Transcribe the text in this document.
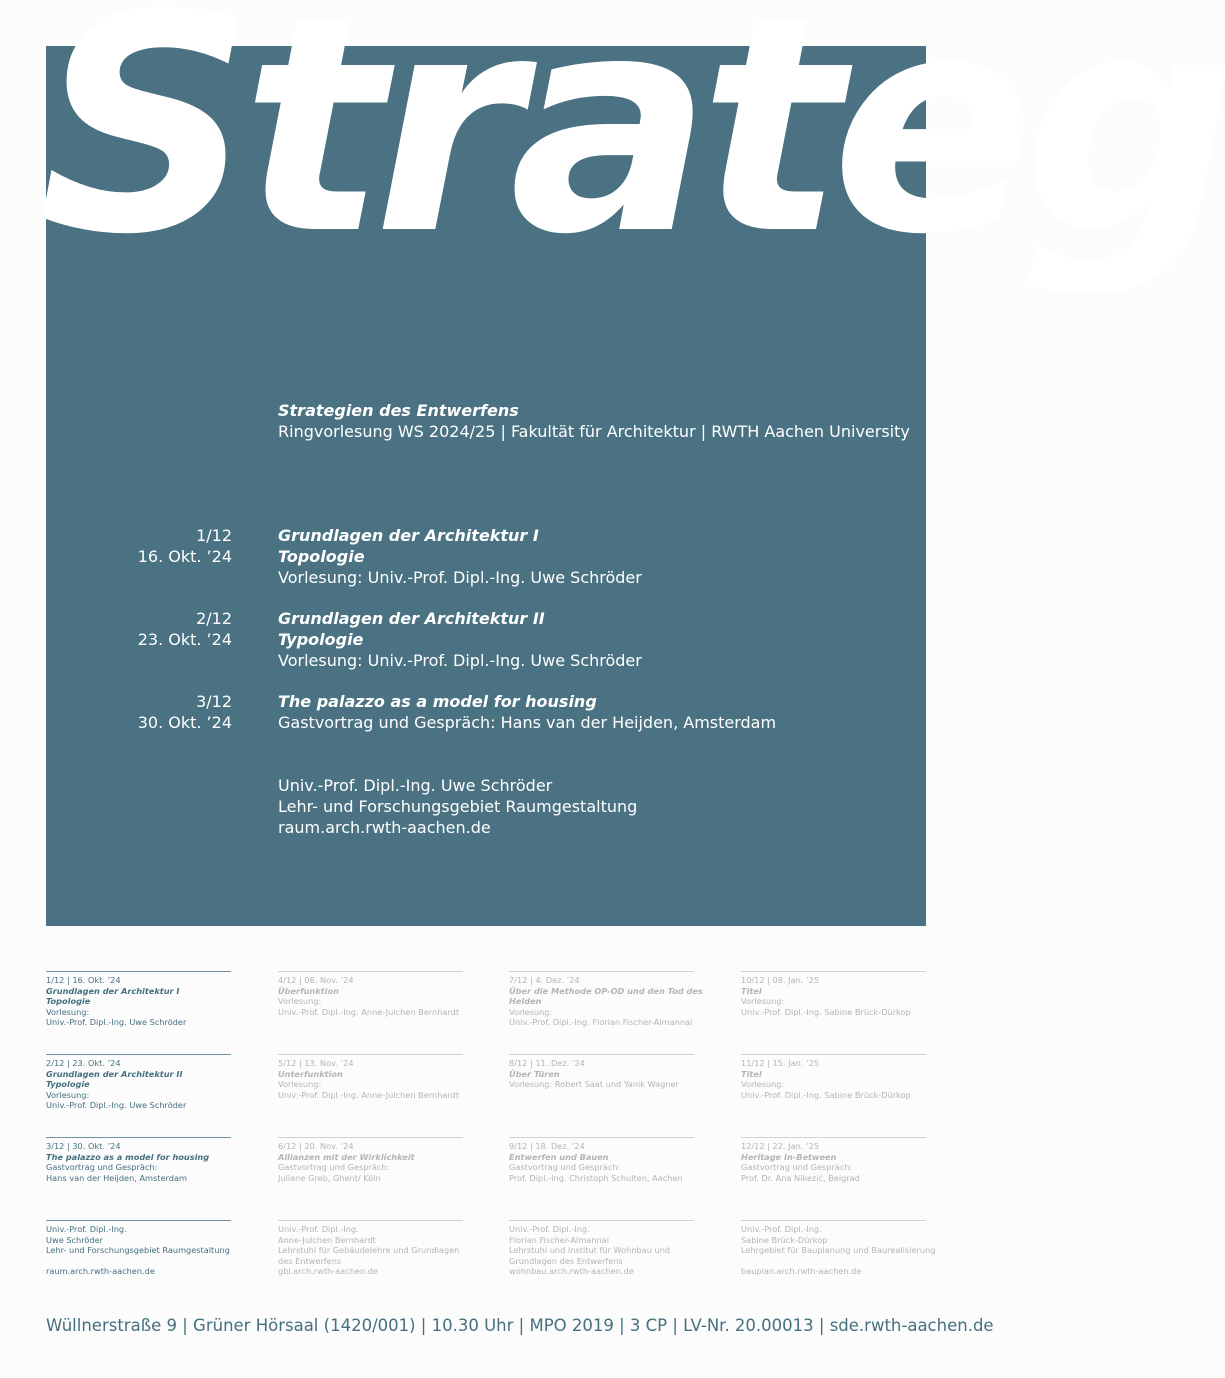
Strateg
Strategien des Entwerfens
Ringvorlesung WS 2024/25 | Fakultät für Architektur | RWTH Aachen University
1/12
16. Okt. ’24
Grundlagen der Architektur I
Topologie
Vorlesung: Univ.-Prof. Dipl.-Ing. Uwe Schröder
2/12
23. Okt. ’24
Grundlagen der Architektur II
Typologie
Vorlesung: Univ.-Prof. Dipl.-Ing. Uwe Schröder
3/12
30. Okt. ’24
The palazzo as a model for housing
Gastvortrag und Gespräch: Hans van der Heijden, Amsterdam
Univ.-Prof. Dipl.-Ing. Uwe Schröder
Lehr- und Forschungsgebiet Raumgestaltung
raum.arch.rwth-aachen.de
1/12 | 16. Okt. ’24
Grundlagen der Architektur I
Topologie
Vorlesung:
Univ.-Prof. Dipl.-Ing. Uwe Schröder
2/12 | 23. Okt. ’24
Grundlagen der Architektur II
Typologie
Vorlesung:
Univ.-Prof. Dipl.-Ing. Uwe Schröder
3/12 | 30. Okt. ’24
The palazzo as a model for housing
Gastvortrag und Gespräch:
Hans van der Heijden, Amsterdam
Univ.-Prof. Dipl.-Ing.
Uwe Schröder
Lehr- und Forschungsgebiet Raumgestaltung

raum.arch.rwth-aachen.de
4/12 | 06. Nov. ’24
Überfunktion
Vorlesung:
Univ.-Prof. Dipl.-Ing. Anne-Julchen Bernhardt
5/12 | 13. Nov. ’24
Unterfunktion
Vorlesung:
Univ.-Prof. Dipl.-Ing. Anne-Julchen Bernhardt
6/12 | 20. Nov. ’24
Allianzen mit der Wirklichkeit
Gastvortrag und Gespräch:
Juliane Greb, Ghent/ Köln
Univ.-Prof. Dipl.-Ing.
Anne-Julchen Bernhardt
Lehrstuhl für Gebäudelehre und Grundlagen
des Entwerfens
gbl.arch.rwth-aachen.de
7/12 | 4. Dez. ’24
Über die Methode OP-OD und den Tod des
Helden
Vorlesung:
Univ.-Prof. Dipl.-Ing. Florian Fischer-Almannai
8/12 | 11. Dez. ’24
Über Türen
Vorlesung: Robert Saat und Yanik Wagner
9/12 | 18. Dez. ’24
Entwerfen und Bauen
Gastvortrag und Gespräch:
Prof. Dipl.-Ing. Christoph Schulten, Aachen
Univ.-Prof. Dipl.-Ing.
Florian Fischer-Almannai
Lehrstuhl und Institut für Wohnbau und
Grundlagen des Entwerfens
wohnbau.arch.rwth-aachen.de
10/12 | 08. Jan. ’25
Titel
Vorlesung:
Univ.-Prof. Dipl.-Ing. Sabine Brück-Dürkop
11/12 | 15. Jan. ’25
Titel
Vorlesung:
Univ.-Prof. Dipl.-Ing. Sabine Brück-Dürkop
12/12 | 22. Jan. ’25
Heritage In-Between
Gastvortrag und Gespräch:
Prof. Dr. Ana Nikezić, Belgrad
Univ.-Prof. Dipl.-Ing.
Sabine Brück-Dürkop
Lehrgebiet für Bauplanung und Baurealisierung

bauplan.arch.rwth-aachen.de
Wüllnerstraße 9 | Grüner Hörsaal (1420/001) | 10.30 Uhr | MPO 2019 | 3 CP | LV-Nr. 20.00013 | sde.rwth-aachen.de
